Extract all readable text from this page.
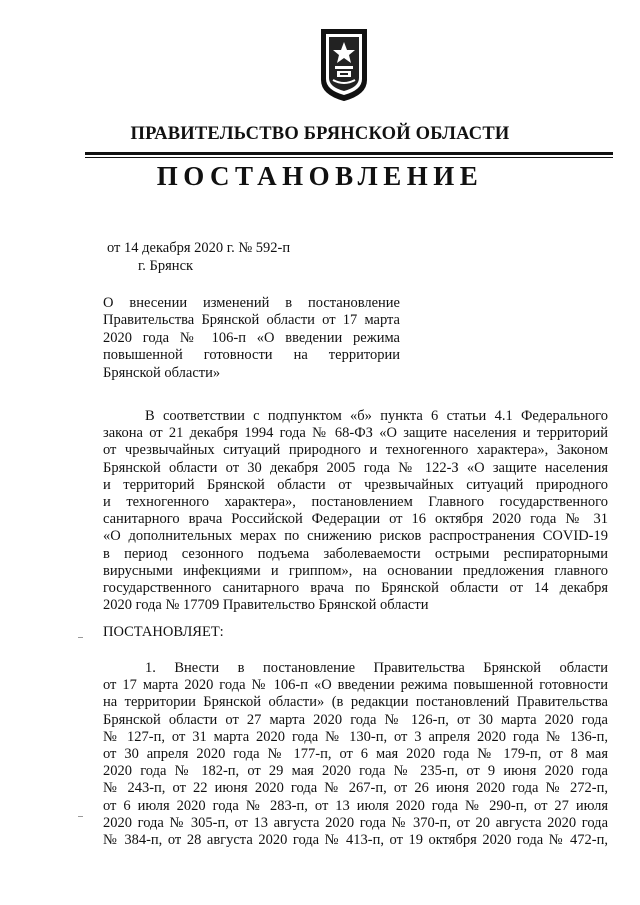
ПРАВИТЕЛЬСТВО БРЯНСКОЙ ОБЛАСТИ
ПОСТАНОВЛЕНИЕ
от 14 декабря 2020 г. № 592-п
г. Брянск
О внесении изменений в постановление
Правительства Брянской области от 17 марта
2020 года № 106-п «О введении режима
повышенной готовности на территории
Брянской области»
В соответствии с подпунктом «б» пункта 6 статьи 4.1 Федерального
закона от 21 декабря 1994 года № 68-ФЗ «О защите населения и территорий
от чрезвычайных ситуаций природного и техногенного характера», Законом
Брянской области от 30 декабря 2005 года № 122-З «О защите населения
и территорий Брянской области от чрезвычайных ситуаций природного
и техногенного характера», постановлением Главного государственного
санитарного врача Российской Федерации от 16 октября 2020 года № 31
«О дополнительных мерах по снижению рисков распространения COVID-19
в период сезонного подъема заболеваемости острыми респираторными
вирусными инфекциями и гриппом», на основании предложения главного
государственного санитарного врача по Брянской области от 14 декабря
2020 года № 17709 Правительство Брянской области
ПОСТАНОВЛЯЕТ:
1. Внести в постановление Правительства Брянской области
от 17 марта 2020 года № 106-п «О введении режима повышенной готовности
на территории Брянской области» (в редакции постановлений Правительства
Брянской области от 27 марта 2020 года № 126-п, от 30 марта 2020 года
№ 127-п, от 31 марта 2020 года № 130-п, от 3 апреля 2020 года № 136-п,
от 30 апреля 2020 года № 177-п, от 6 мая 2020 года № 179-п, от 8 мая
2020 года № 182-п, от 29 мая 2020 года № 235-п, от 9 июня 2020 года
№ 243-п, от 22 июня 2020 года № 267-п, от 26 июня 2020 года № 272-п,
от 6 июля 2020 года № 283-п, от 13 июля 2020 года № 290-п, от 27 июля
2020 года № 305-п, от 13 августа 2020 года № 370-п, от 20 августа 2020 года
№ 384-п, от 28 августа 2020 года № 413-п, от 19 октября 2020 года № 472-п,
